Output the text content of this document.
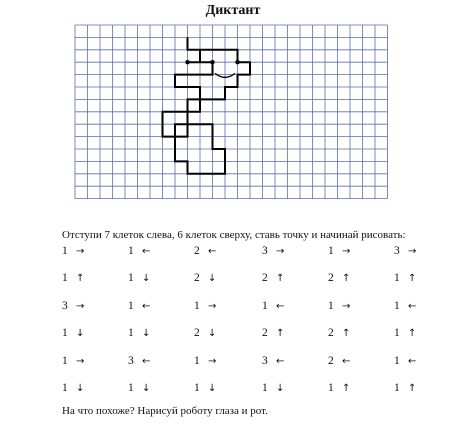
Диктант
Отступи 7 клеток слева, 6 клеток сверху, ставь точку и начинай рисовать:
1 →	1 ←	2 ←	3 →	1 →	3 →
1 ↑	1 ↓	2 ↓	2 ↑	2 ↑	1 ↑
3 →	1 ←	1 →	1 ←	1 →	1 ←
1 ↓	1 ↓	2 ↓	2 ↑	2 ↑	1 ↑
1 →	3 ←	1 →	3 ←	2 ←	1 ←
1 ↓	1 ↓	1 ↓	1 ↓	1 ↑	1 ↑
На что похоже? Нарисуй роботу глаза и рот.
